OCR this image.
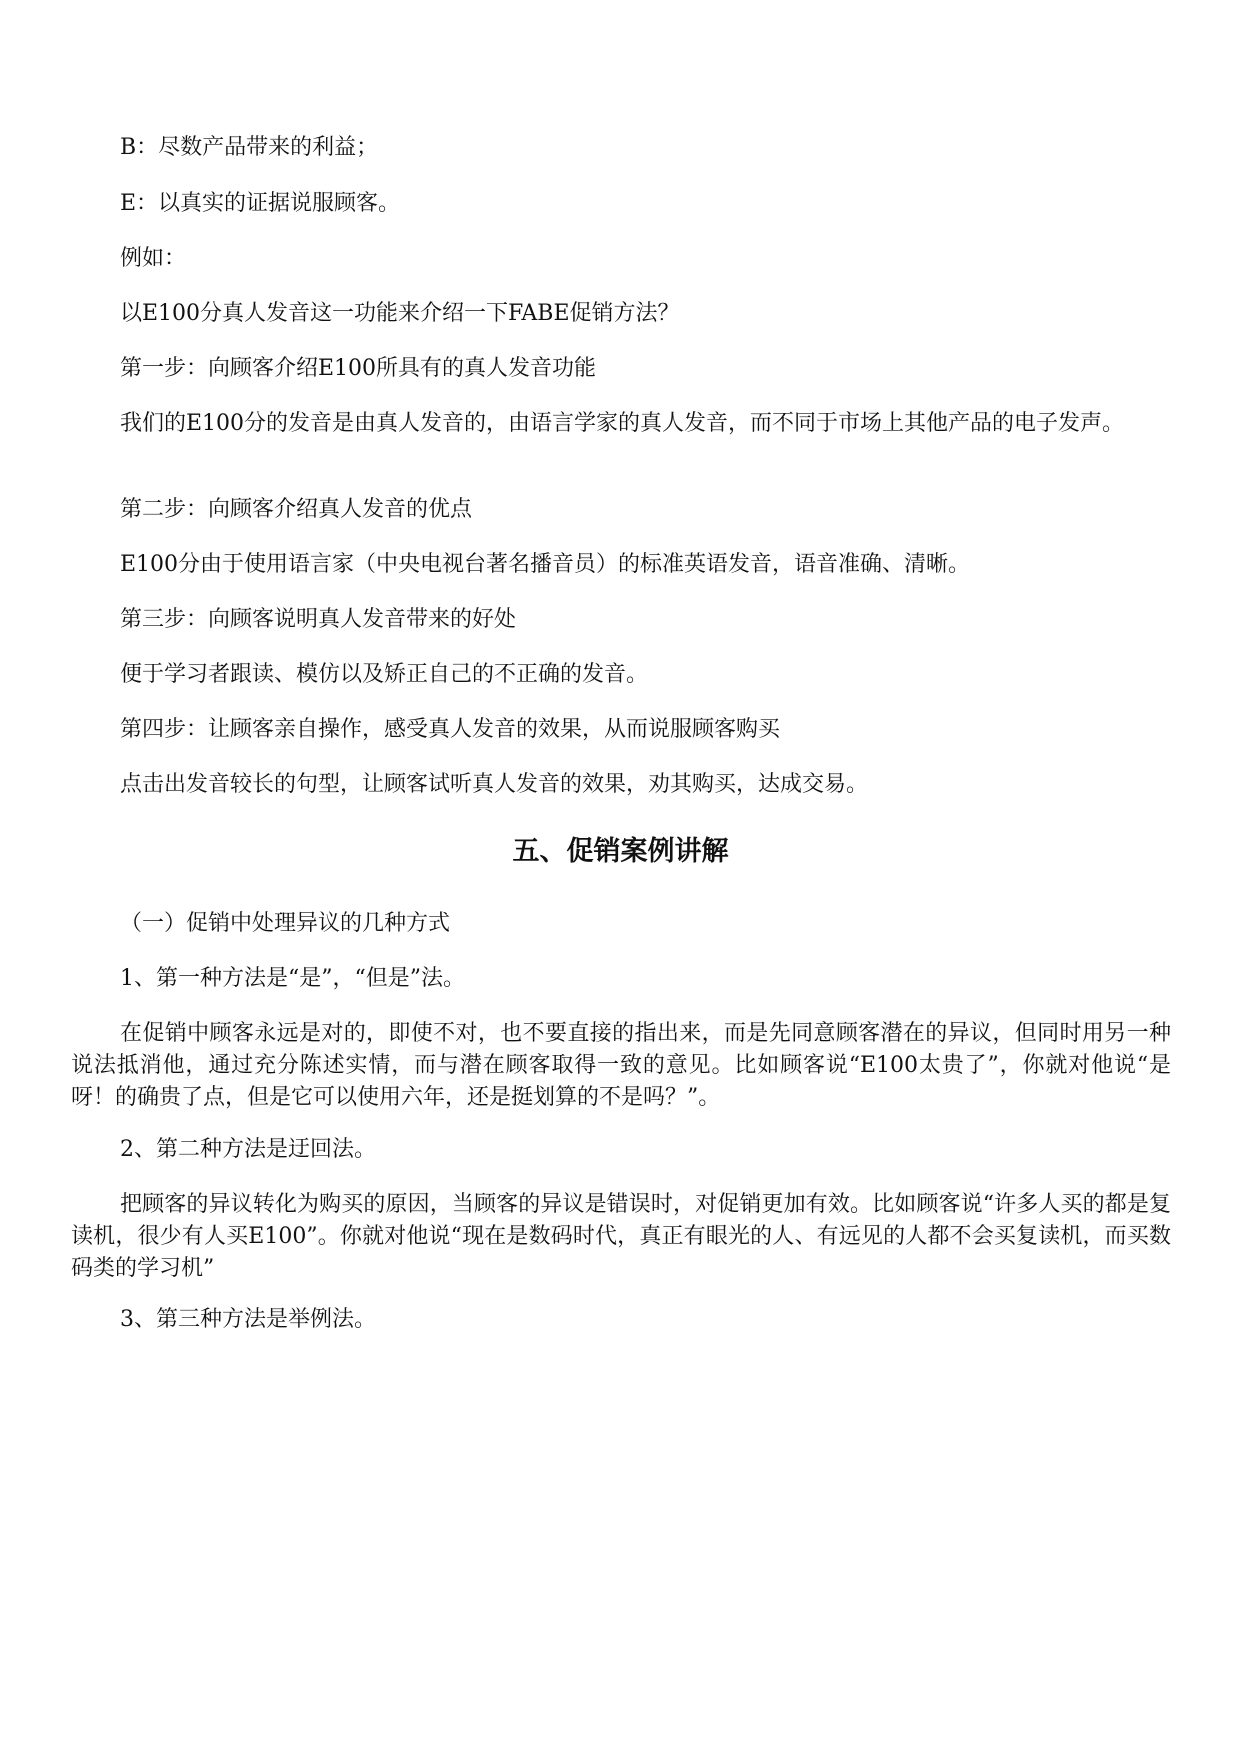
B：尽数产品带来的利益；

E：以真实的证据说服顾客。

例如：

以E100分真人发音这一功能来介绍一下FABE促销方法？

第一步：向顾客介绍E100所具有的真人发音功能

我们的E100分的发音是由真人发音的，由语言学家的真人发音，而不同于市场上其他产品的电子发声。

第二步：向顾客介绍真人发音的优点

E100分由于使用语言家（中央电视台著名播音员）的标准英语发音，语音准确、清晰。

第三步：向顾客说明真人发音带来的好处

便于学习者跟读、模仿以及矫正自己的不正确的发音。

第四步：让顾客亲自操作，感受真人发音的效果，从而说服顾客购买

点击出发音较长的句型，让顾客试听真人发音的效果，劝其购买，达成交易。

五、促销案例讲解

（一）促销中处理异议的几种方式

1、第一种方法是“是”，“但是”法。

在促销中顾客永远是对的，即使不对，也不要直接的指出来，而是先同意顾客潜在的异议，但同时用另一种说法抵消他，通过充分陈述实情，而与潜在顾客取得一致的意见。比如顾客说“E100太贵了”，你就对他说“是呀！的确贵了点，但是它可以使用六年，还是挺划算的不是吗？”。

2、第二种方法是迂回法。

把顾客的异议转化为购买的原因，当顾客的异议是错误时，对促销更加有效。比如顾客说“许多人买的都是复读机，很少有人买E100”。你就对他说“现在是数码时代，真正有眼光的人、有远见的人都不会买复读机，而买数码类的学习机”

3、第三种方法是举例法。
